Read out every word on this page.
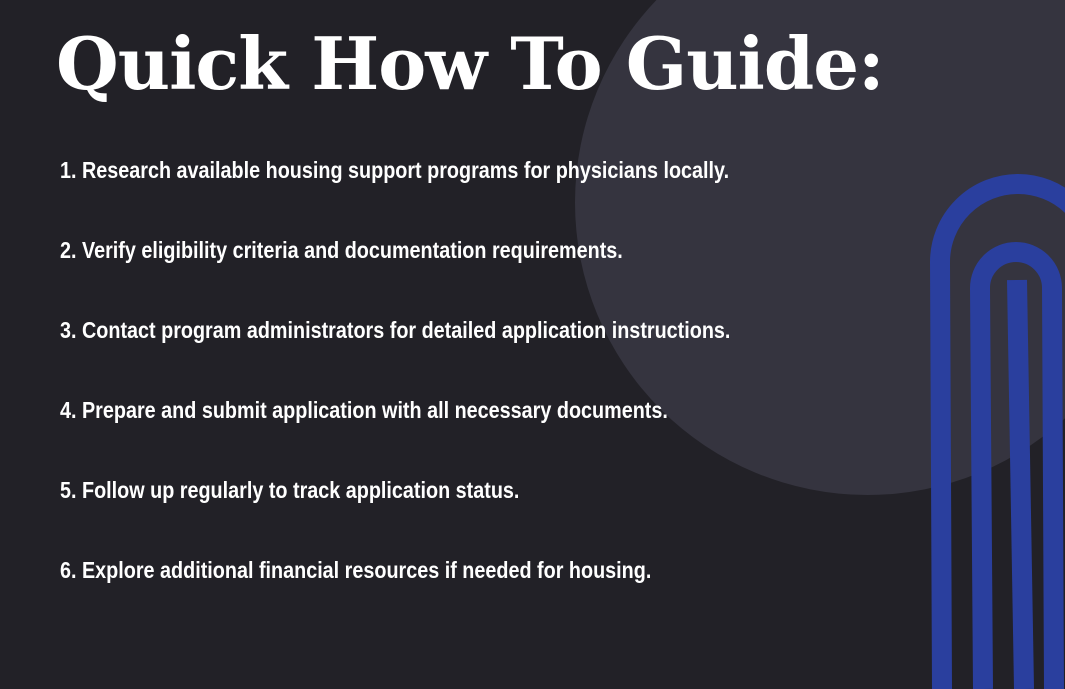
Quick How To Guide:
1. Research available housing support programs for physicians locally.
2. Verify eligibility criteria and documentation requirements.
3. Contact program administrators for detailed application instructions.
4. Prepare and submit application with all necessary documents.
5. Follow up regularly to track application status.
6. Explore additional financial resources if needed for housing.
